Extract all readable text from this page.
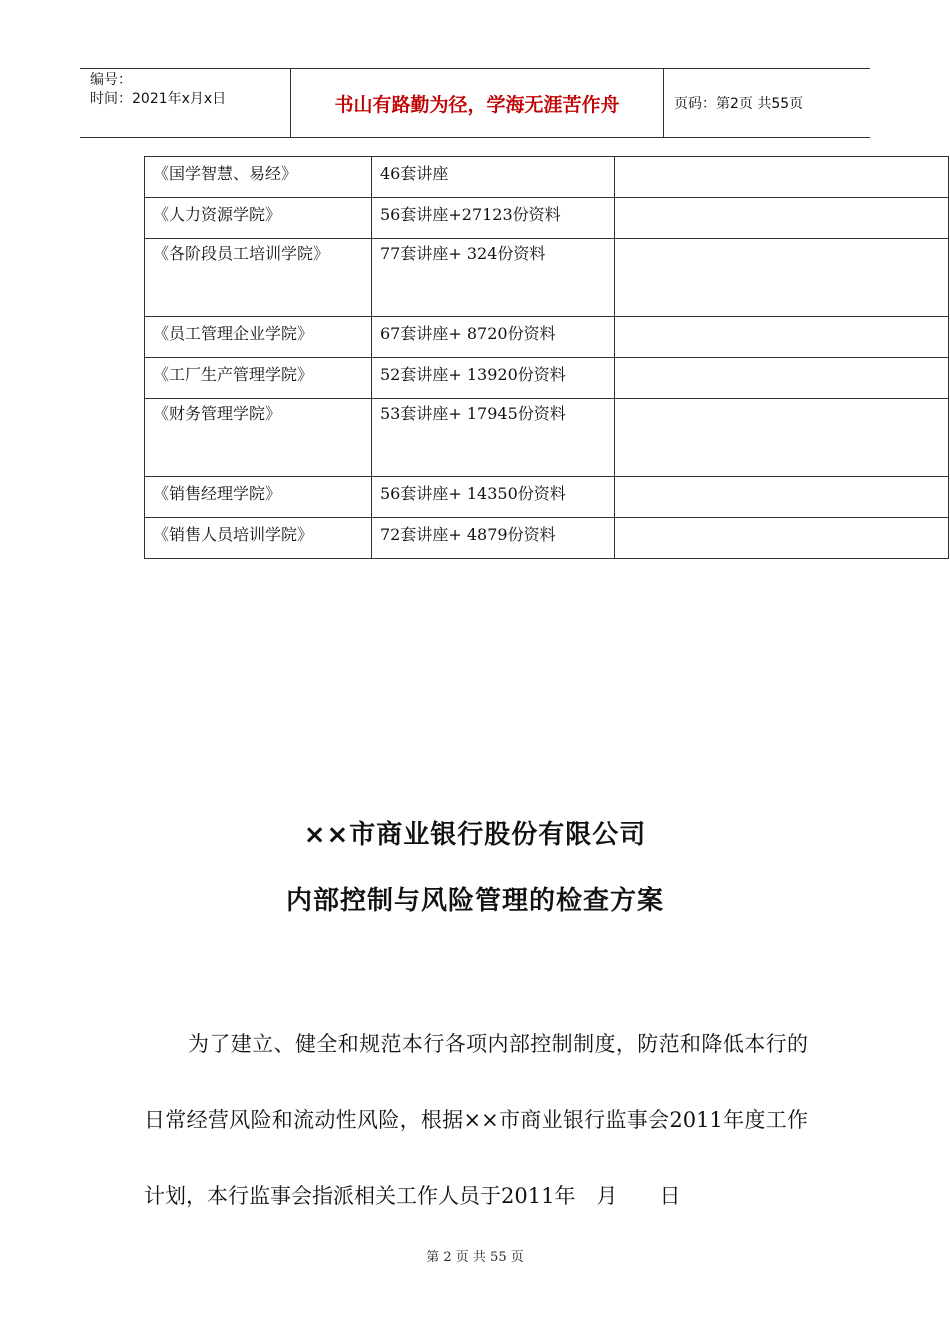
编号：
时间：2021年x月x日	书山有路勤为径，学海无涯苦作舟	页码：第2页 共55页
《国学智慧、易经》	46套讲座	
《人力资源学院》	56套讲座+27123份资料	

《各阶段员工培训学院》	77套讲座+ 324份资料	

《员工管理企业学院》	67套讲座+ 8720份资料	
《工厂生产管理学院》	52套讲座+ 13920份资料	

《财务管理学院》	53套讲座+ 17945份资料	

《销售经理学院》	56套讲座+ 14350份资料	
《销售人员培训学院》	72套讲座+ 4879份资料	
××市商业银行股份有限公司
内部控制与风险管理的检查方案
为了建立、健全和规范本行各项内部控制制度，防范和降低本行的日常经营风险和流动性风险，根据××市商业银行监事会2011年度工作计划，本行监事会指派相关工作人员于2011年　月　　日
第 2 页 共 55 页
